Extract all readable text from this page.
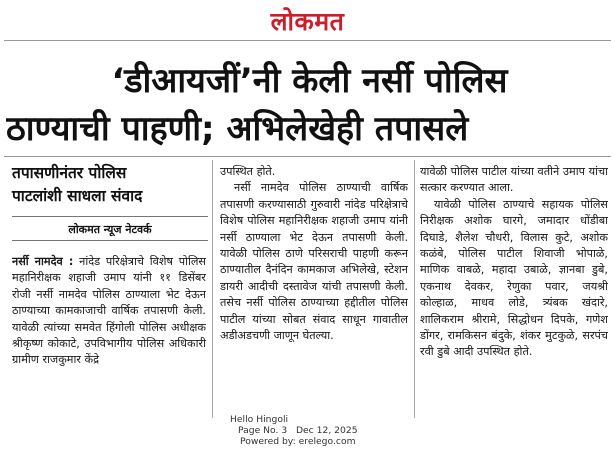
लोकमत
‘डीआयजीं’नी केली नर्सी पोलिस
ठाण्याची पाहणी; अभिलेखेही तपासले
तपासणीनंतर पोलिस
पाटलांशी साधला संवाद
लोकमत न्यूज नेटवर्क

नर्सी नामदेव : नांदेड परिक्षेत्राचे विशेष पोलिस महानिरीक्षक शहाजी उमाप यांनी ११ डिसेंबर रोजी नर्सी नामदेव पोलिस ठाण्याला भेट देऊन ठाण्याच्या कामकाजाची वार्षिक तपासणी केली. यावेळी त्यांच्या समवेत हिंगोली पोलिस अधीक्षक श्रीकृष्ण कोकाटे, उपविभागीय पोलिस अधिकारी ग्रामीण राजकुमार केंद्रे

उपस्थित होते.

नर्सी नामदेव पोलिस ठाण्याची वार्षिक तपासणी करण्यासाठी गुरुवारी नांदेड परिक्षेत्राचे विशेष पोलिस महानिरीक्षक शहाजी उमाप यांनी नर्सी ठाण्याला भेट देऊन तपासणी केली. यावेळी पोलिस ठाणे परिसराची पाहणी करून ठाण्यातील दैनंदिन कामकाज अभिलेखे, स्टेशन डायरी आदीची दस्तावेज यांची तपासणी केली. तसेच नर्सी पोलिस ठाण्याच्या हद्दीतील पोलिस पाटील यांच्या सोबत संवाद साधून गावातील अडीअडचणी जाणून घेतल्या.

यावेळी पोलिस पाटील यांच्या वतीने उमाप यांचा सत्कार करण्यात आला.

यावेळी पोलिस ठाण्याचे सहायक पोलिस निरीक्षक अशोक घारगे, जमादार धोंडीबा दिघाडे, शैलेश चौधरी, विलास कुटे, अशोक कळंबे, पोलिस पाटील शिवाजी भोपाळे, माणिक वाबळे, महादा उबाळे, ज्ञानबा डुबे, एकनाथ देवकर, रेणुका पवार, जयश्री कोल्हाळ, माधव लोडे, त्र्यंबक खंदारे, शालिकराम श्रीरामे, सिद्धोधन दिपके, गणेश डोंगर, रामकिसन बंदुके, शंकर मुटकुळे, सरपंच रवी डुबे आदी उपस्थित होते.

Hello Hingoli
Page No. 3 Dec 12, 2025
Powered by: erelego.com
